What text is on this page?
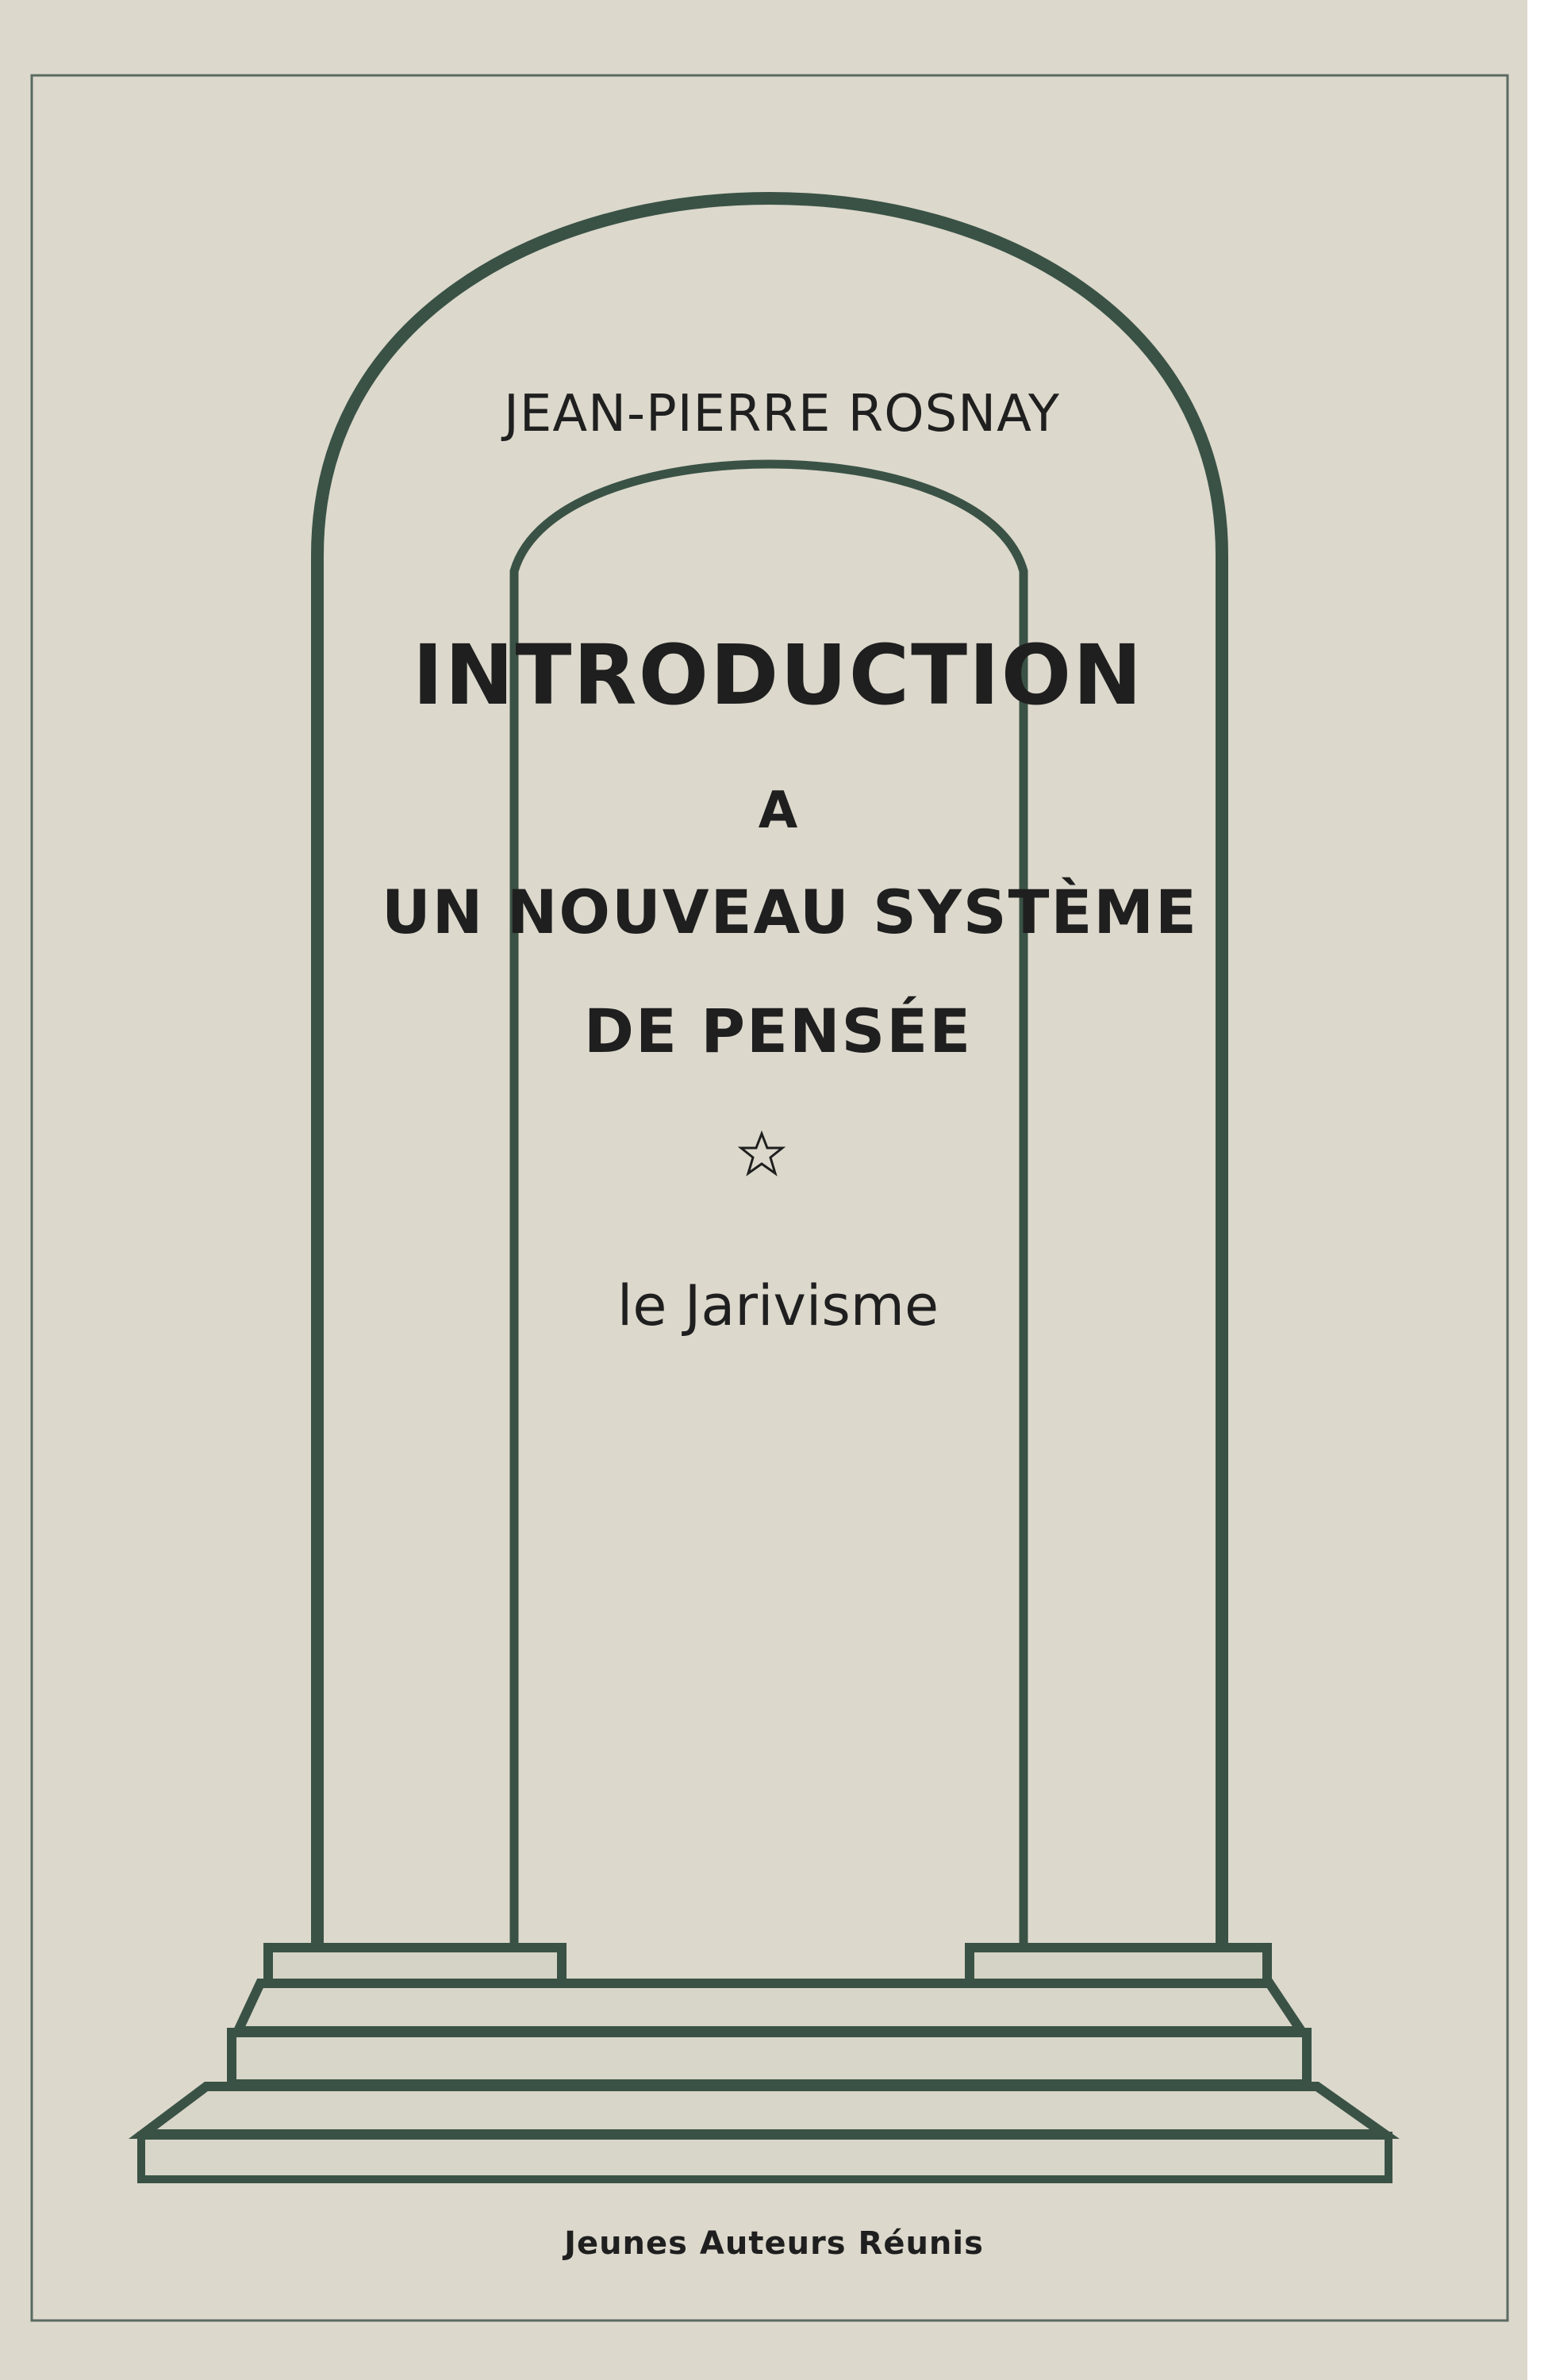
JEAN-PIERRE ROSNAY
INTRODUCTION
A
UN NOUVEAU SYSTÈME
DE PENSÉE
le Jarivisme
Jeunes Auteurs Réunis
